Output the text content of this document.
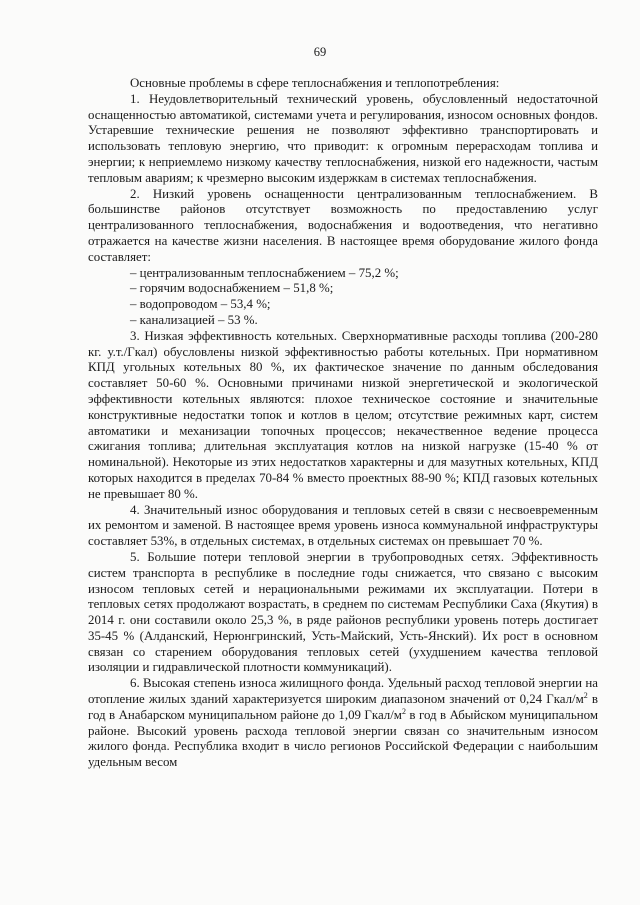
69

Основные проблемы в сфере теплоснабжения и теплопотребления:

1. Неудовлетворительный технический уровень, обусловленный недостаточной оснащенностью автоматикой, системами учета и регулирования, износом основных фондов. Устаревшие технические решения не позволяют эффективно транспортировать и использовать тепловую энергию, что приводит: к огромным перерасходам топлива и энергии; к неприемлемо низкому качеству теплоснабжения, низкой его надежности, частым тепловым авариям; к чрезмерно высоким издержкам в системах теплоснабжения.

2. Низкий уровень оснащенности централизованным теплоснабжением. В большинстве районов отсутствует возможность по предоставлению услуг централизованного теплоснабжения, водоснабжения и водоотведения, что негативно отражается на качестве жизни населения. В настоящее время оборудование жилого фонда составляет:

– централизованным теплоснабжением – 75,2 %;

– горячим водоснабжением – 51,8 %;

– водопроводом – 53,4 %;

– канализацией – 53 %.

3. Низкая эффективность котельных. Сверхнормативные расходы топлива (200-280 кг. у.т./Гкал) обусловлены низкой эффективностью работы котельных. При нормативном КПД угольных котельных 80 %, их фактическое значение по данным обследования составляет 50-60 %. Основными причинами низкой энергетической и экологической эффективности котельных являются: плохое техническое состояние и значительные конструктивные недостатки топок и котлов в целом; отсутствие режимных карт, систем автоматики и механизации топочных процессов; некачественное ведение процесса сжигания топлива; длительная эксплуатация котлов на низкой нагрузке (15-40 % от номинальной). Некоторые из этих недостатков характерны и для мазутных котельных, КПД которых находится в пределах 70-84 % вместо проектных 88-90 %; КПД газовых котельных не превышает 80 %.

4. Значительный износ оборудования и тепловых сетей в связи с несвоевременным их ремонтом и заменой. В настоящее время уровень износа коммунальной инфраструктуры составляет 53%, в отдельных системах, в отдельных системах он превышает 70 %.

5. Большие потери тепловой энергии в трубопроводных сетях. Эффективность систем транспорта в республике в последние годы снижается, что связано с высоким износом тепловых сетей и нерациональными режимами их эксплуатации. Потери в тепловых сетях продолжают возрастать, в среднем по системам Республики Саха (Якутия) в 2014 г. они составили около 25,3 %, в ряде районов республики уровень потерь достигает 35-45 % (Алданский, Нерюнгринский, Усть-Майский, Усть-Янский). Их рост в основном связан со старением оборудования тепловых сетей (ухудшением качества тепловой изоляции и гидравлической плотности коммуникаций).

6. Высокая степень износа жилищного фонда. Удельный расход тепловой энергии на отопление жилых зданий характеризуется широким диапазоном значений от 0,24 Гкал/$м^2$ в год в Анабарском муниципальном районе до 1,09 Гкал/$м^2$ в год в Абыйском муниципальном районе. Высокий уровень расхода тепловой энергии связан со значительным износом жилого фонда. Республика входит в число регионов Российской Федерации с наибольшим удельным весом
